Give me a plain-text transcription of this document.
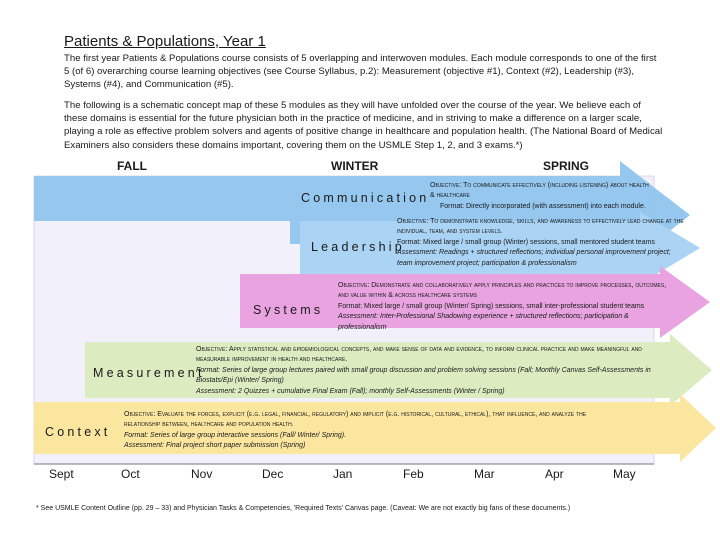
Patients & Populations, Year 1
The first year Patients & Populations course consists of 5 overlapping and interwoven modules. Each module corresponds to one of the first 5 (of 6) overarching course learning objectives (see Course Syllabus, p.2): Measurement (objective #1), Context (#2), Leadership (#3), Systems (#4), and Communication (#5).
The following is a schematic concept map of these 5 modules as they will have unfolded over the course of the year. We believe each of these domains is essential for the future physician both in the practice of medicine, and in striving to make a difference on a larger scale, playing a role as effective problem solvers and agents of positive change in healthcare and population health. (The National Board of Medical Examiners also considers these domains important, covering them on the USMLE Step 1, 2, and 3 exams.*)
FALL	WINTER	SPRING
Communication
Objective: To communicate effectively (including listening) about health & healthcare
Format: Directly incorporated (with assessment) into each module.
Leadership
Objective: To demonstrate knowledge, skills, and awareness to effectively lead change at the individual, team, and system levels.
Format: Mixed large / small group (Winter) sessions, small mentored student teams
Assessment: Readings + structured reflections; individual personal improvement project; team improvement project; participation & professionalism
Systems
Objective: Demonstrate and collaboratively apply principles and practices to improve processes, outcomes, and value within & across healthcare systems
Format: Mixed large / small group (Winter/ Spring) sessions, small inter-professional student teams
Assessment: Inter-Professional Shadowing experience + structured reflections; participation & professionalism
Measurement
Objective: Apply statistical and epidemiological concepts, and make sense of data and evidence, to inform clinical practice and make meaningful and measurable improvement in health and healthcare.
Format: Series of large group lectures paired with small group discussion and problem solving sessions (Fall; Monthly Canvas Self-Assessments in Biostats/Epi (Winter/ Spring)
Assessment: 2 Quizzes + cumulative Final Exam (Fall); monthly Self-Assessments (Winter / Spring)
Context
Objective: Evaluate the forces, explicit (e.g. legal, financial, regulatory) and implicit (e.g. historical, cultural, ethical), that influence, and analyze the relationship between, healthcare and population health.
Format: Series of large group interactive sessions (Fall/ Winter/ Spring).
Assessment: Final project short paper submission (Spring)
Sept	Oct	Nov	Dec	Jan	Feb	Mar	Apr	May
* See USMLE Content Outline (pp. 29 – 33) and Physician Tasks & Competencies, 'Required Texts' Canvas page. (Caveat: We are not exactly big fans of these documents.)
